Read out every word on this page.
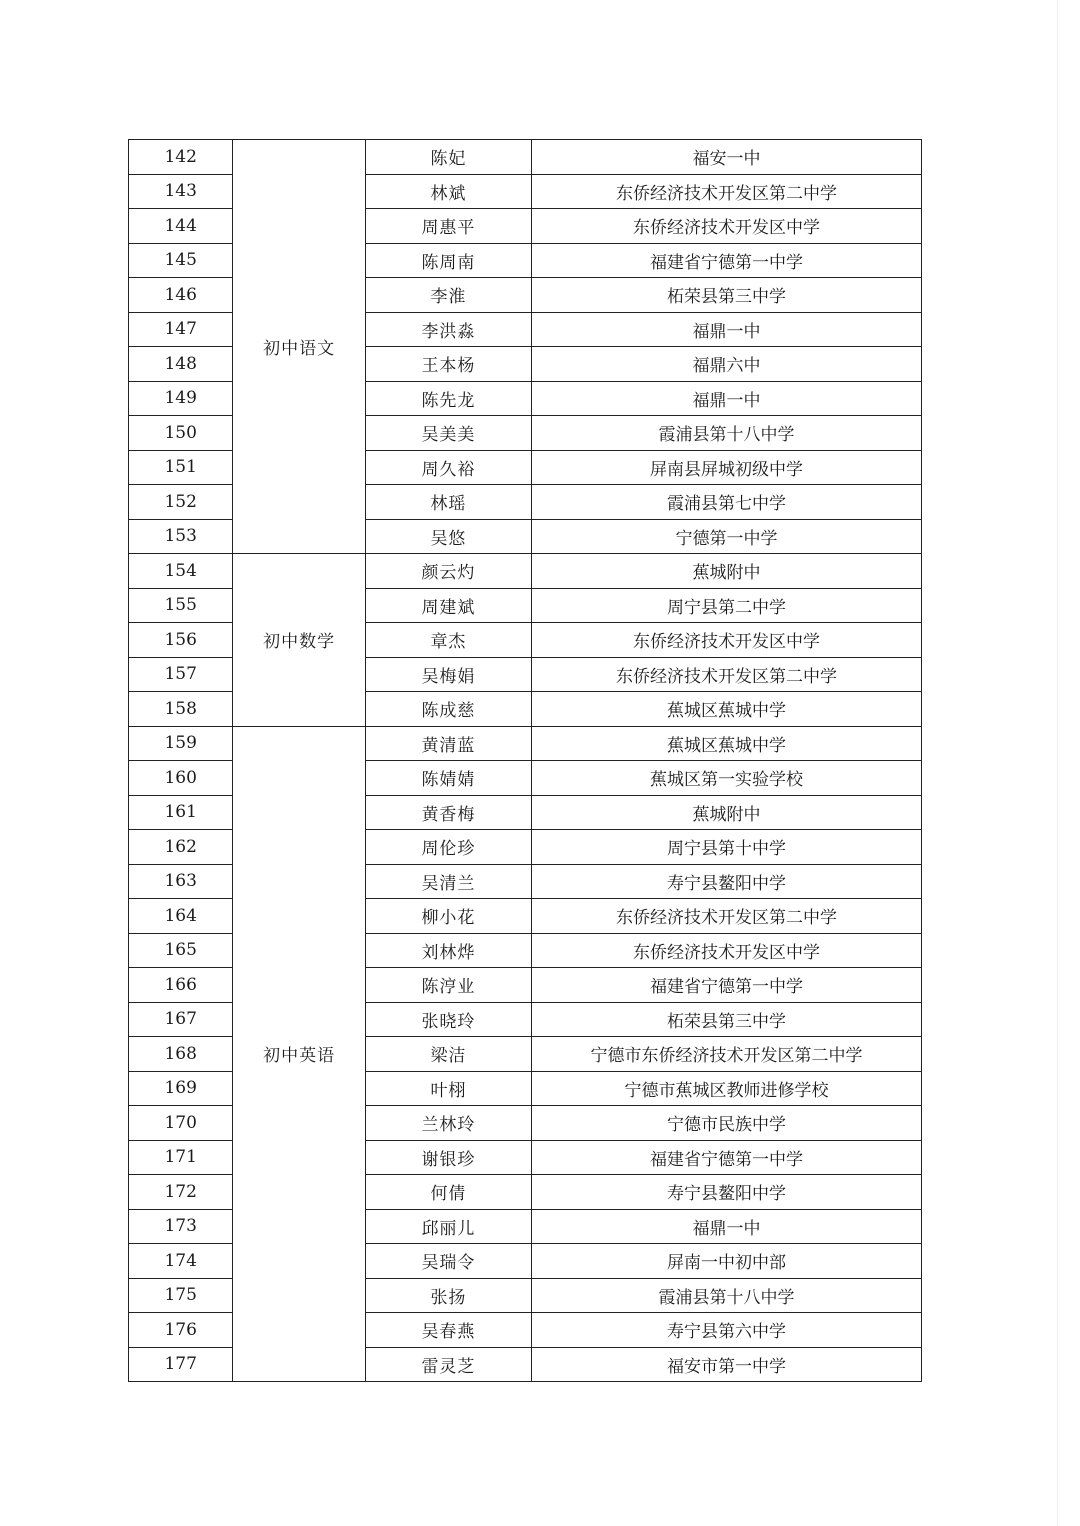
142	初中语文	陈妃	福安一中
143		林斌	东侨经济技术开发区第二中学
144		周惠平	东侨经济技术开发区中学
145		陈周南	福建省宁德第一中学
146		李淮	柘荣县第三中学
147		李洪淼	福鼎一中
148		王本杨	福鼎六中
149		陈先龙	福鼎一中
150		吴美美	霞浦县第十八中学
151		周久裕	屏南县屏城初级中学
152		林瑶	霞浦县第七中学
153		吴悠	宁德第一中学
154	初中数学	颜云灼	蕉城附中
155		周建斌	周宁县第二中学
156		章杰	东侨经济技术开发区中学
157		吴梅娟	东侨经济技术开发区第二中学
158		陈成慈	蕉城区蕉城中学
159	初中英语	黄清蓝	蕉城区蕉城中学
160		陈婧婧	蕉城区第一实验学校
161		黄香梅	蕉城附中
162		周伦珍	周宁县第十中学
163		吴清兰	寿宁县鳌阳中学
164		柳小花	东侨经济技术开发区第二中学
165		刘林烨	东侨经济技术开发区中学
166		陈涥业	福建省宁德第一中学
167		张晓玲	柘荣县第三中学
168		梁洁	宁德市东侨经济技术开发区第二中学
169		叶栩	宁德市蕉城区教师进修学校
170		兰林玲	宁德市民族中学
171		谢银珍	福建省宁德第一中学
172		何倩	寿宁县鳌阳中学
173		邱丽儿	福鼎一中
174		吴瑞令	屏南一中初中部
175		张扬	霞浦县第十八中学
176		吴春燕	寿宁县第六中学
177		雷灵芝	福安市第一中学
